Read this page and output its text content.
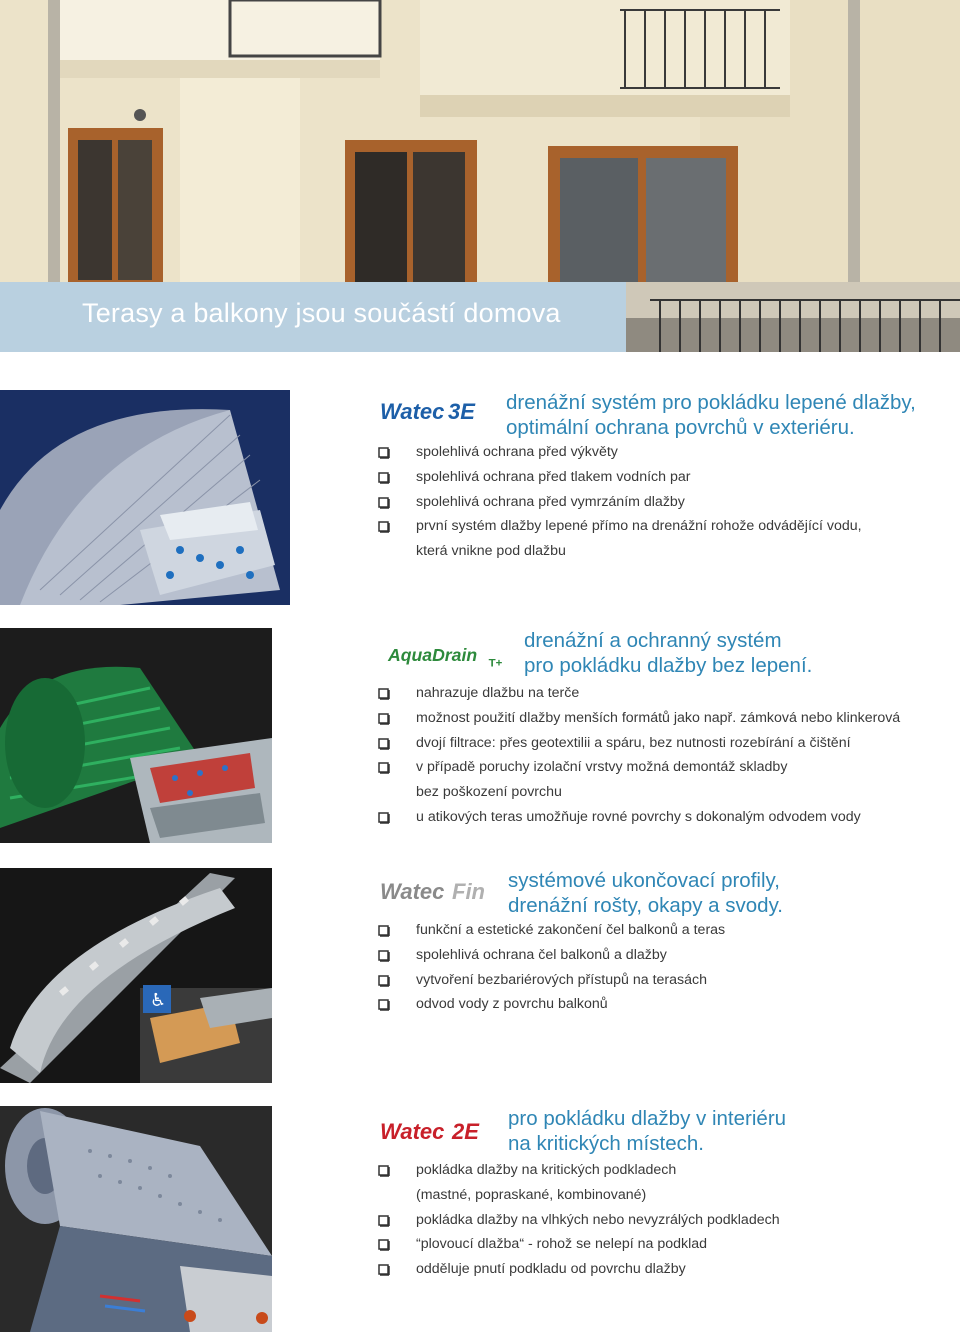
Terasy a balkony jsou součástí domova
Watec 3E drenážní systém pro pokládku lepené dlažby,
optimální ochrana povrchů v exteriéru.
spolehlivá ochrana před výkvěty
spolehlivá ochrana před tlakem vodních par
spolehlivá ochrana před vymrzáním dlažby
první systém dlažby lepené přímo na drenážní rohože odvádějící vodu,
která vnikne pod dlažbu
AquaDrain T+
drenážní a ochranný systém
pro pokládku dlažby bez lepení.
nahrazuje dlažbu na terče
možnost použití dlažby menších formátů jako např. zámková nebo klinkerová
dvojí filtrace: přes geotextilii a spáru, bez nutnosti rozebírání a čištění
v případě poruchy izolační vrstvy možná demontáž skladby
bez poškození povrchu
u atikových teras umožňuje rovné povrchy s dokonalým odvodem vody
♿
Watec Fin systémové ukončovací profily,
drenážní rošty, okapy a svody.
funkční a estetické zakončení čel balkonů a teras
spolehlivá ochrana čel balkonů a dlažby
vytvoření bezbariérových přístupů na terasách
odvod vody z povrchu balkonů
Watec 2E
pro pokládku dlažby v interiéru
na kritických místech.
pokládka dlažby na kritických podkladech
(mastné, popraskané, kombinované)
pokládka dlažby na vlhkých nebo nevyzrálých podkladech
“plovoucí dlažba“ - rohož se nelepí na podklad
odděluje pnutí podkladu od povrchu dlažby
